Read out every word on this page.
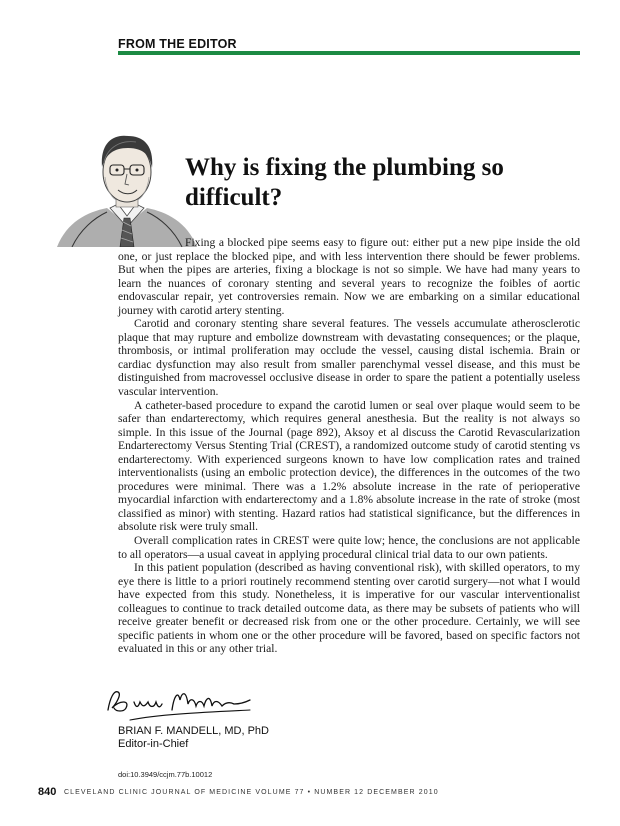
FROM THE EDITOR
Why is fixing the plumbing so difficult?

Fixing a blocked pipe seems easy to figure out: either put a new pipe inside the old one, or just replace the blocked pipe, and with less intervention there should be fewer problems. But when the pipes are arteries, fixing a blockage is not so simple. We have had many years to learn the nuances of coronary stenting and several years to recognize the foibles of aortic endovascular repair, yet controversies remain. Now we are embarking on a similar educational journey with carotid artery stenting.

Carotid and coronary stenting share several features. The vessels accumulate atherosclerotic plaque that may rupture and embolize downstream with devastating consequences; or the plaque, thrombosis, or intimal proliferation may occlude the vessel, causing distal ischemia. Brain or cardiac dysfunction may also result from smaller parenchymal vessel disease, and this must be distinguished from macrovessel occlusive disease in order to spare the patient a potentially useless vascular intervention.

A catheter-based procedure to expand the carotid lumen or seal over plaque would seem to be safer than endarterectomy, which requires general anesthesia. But the reality is not always so simple. In this issue of the Journal (page 892), Aksoy et al discuss the Carotid Revascularization Endarterectomy Versus Stenting Trial (CREST), a randomized outcome study of carotid stenting vs endarterectomy. With experienced surgeons known to have low complication rates and trained interventionalists (using an embolic protection device), the differences in the outcomes of the two procedures were minimal. There was a 1.2% absolute increase in the rate of perioperative myocardial infarction with endarterectomy and a 1.8% absolute increase in the rate of stroke (most classified as minor) with stenting. Hazard ratios had statistical significance, but the differences in absolute risk were truly small.

Overall complication rates in CREST were quite low; hence, the conclusions are not applicable to all operators—a usual caveat in applying procedural clinical trial data to our own patients.

In this patient population (described as having conventional risk), with skilled operators, to my eye there is little to a priori routinely recommend stenting over carotid surgery—not what I would have expected from this study. Nonetheless, it is imperative for our vascular interventionalist colleagues to continue to track detailed outcome data, as there may be subsets of patients who will receive greater benefit or decreased risk from one or the other procedure. Certainly, we will see specific patients in whom one or the other procedure will be favored, based on specific factors not evaluated in this or any other trial.

BRIAN F. MANDELL, MD, PhD
Editor-in-Chief
doi:10.3949/ccjm.77b.10012
840 CLEVELAND CLINIC JOURNAL OF MEDICINE VOLUME 77 • NUMBER 12 DECEMBER 2010
